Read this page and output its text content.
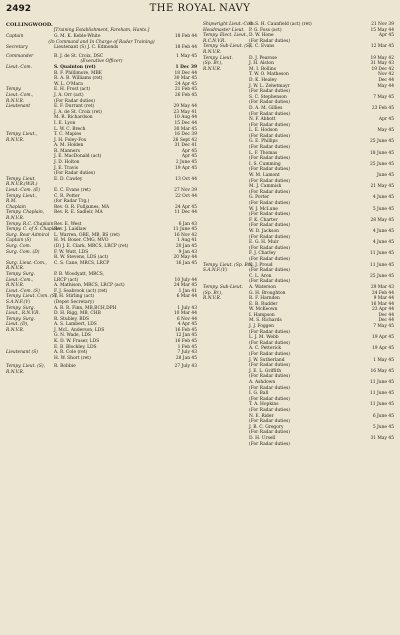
2492	THE ROYAL NAVY
COLLINGWOOD.
[Training Establishment, Fareham, Hants.]
Captain	G. M. K. Keble-White	18 Feb 44
(In Command and In Charge of Radar Training)
Secretary	Lieutenant (S) J. C. Edmonds	18 Feb 44
Commander	B. J. de St. Croix, DSC	1 May 45
(Executive Officer)
Lieut.-Com.	S. Quainton (ret)	1 Dec 39
R. F. Phillimore, MBE	18 Dec 44
R. A. B. Williams (ret)	30 Mar 45
W. L. O'Mara	24 Apr 45
Tempy.	E. H. Frost (act)	21 Feb 45
Lieut.-Com.,	J. A. Orr (act)	26 Feb 45
R.N.V.R.	(For Radar duties)
Lieutenant	E. F. Durrant (ret)	29 May 44
J. A. de St. Croix (ret)	23 May 41
M. R. Richardson	10 Aug 44
I. E. Lyon	15 Dec 44
L. W. C. Brech	30 Mar 45
Tempy. Lieut.,	T. C. Mapies	16 Dec 39
R.N.V.R.	J. H. Foley-Fox	26 Sept 42
A. M. Holden	31 Dec 41
R. Manners	Apr 45
J. E. MacDonald (act)	Apr 45
J. D. Holton	2 June 45
J. E. Travis	19 Apr 45
(For Radar duties)
Tempy. Lieut.	E. D. Cawley	13 Oct 44
R.N.V.R.(W.R.)
Lieut.-Com. (E)	E. C. Evans (ret)	27 Nov 39
Tempy. Lieut.,	C. R. Potter	22 Oct 44
R.M.	(for Radar Trg.)
Chaplain	Rev. O. R. Fulljames, MA	24 Apr 45
Tempy. Chaplain,	Rev. R. E. Sadleir, MA	11 Dec 44
R.N.V.R.
Tempy. R.C. Chaplain Rev. E. West	6 Jan 43
Tempy. C. of S. Chaplain
Rev. J. Laidlaw	11 June 45
Surg. Rear Admiral L. Warren, OBE, MB, BS (ret)	16 Nov 42
Captain (S)	H. M. Boxer, CMG, MVO	1 Aug 41
Surg. Com.	(D) J. E. Clark, MRCS, LRCP (ret)	20 Jan 45
Surg. Com. (D)	F. W. Watt, LDS	9 Jan 43
R. W. Stevens, LDS (act)	20 May 44
Surg. Lieut.-Com.,	C. S. Cane, MRCS, LRCP	16 Jan 45
R.N.V.R.
Tempy. Surg.	P. B. Woodyatt, MRCS,
Lieut.-Com.,	LRCP (act)	10 July 44
R.N.V.R.	A. Mathison, MRCS, LRCP (act)	24 Mar 45
Lieut.-Com. (S)	F. J. Seabrook (act) (ret)	1 Jan 41
Tempy. Lieut. Com. (S),
T. H. Stirling (act)	6 Mar 44
S.A.N.F.(V)	(Depot Secretary)
Tempy. Surg.	A. R. R. Finn, MB,BCH,DPH	1 July 43
Lieut., R.N.V.R.	D. H. Rigg, MB, CHB	10 Mar 44
Tempy. Surg.	R. Stubley, BDS	6 Nov 44
Lieut. (D),	A. S. Lambert, LDS	4 Apr 45
R.N.V.R.	J. McL. Anderson, LDS	16 Feb 45
G. N. Wade, LDS	12 Jan 45
K. D. W. Fraser, LDS	16 Feb 45
E. B. Blockley, LDS	1 Feb 45
Lieutenant (S)	A. R. Cole (ret)	7 July 43
H. W. Short (ret)	28 Jan 45
Tempy. Lieut. (S),	R. Robbie	27 July 43
R.N.V.R.
Shipwright Lieut.-Com.
O. S. H. Caunfield (act) (ret)	21 Nov 39
Headmaster Lieut. P. G. Foss (act)	15 May 44
Tempy. Elect. Lieut., D. W. Hone	Apr 45
R.C.N.V.R.	(For Radar duties)
Tempy. Sub-Lieut. (S),
E. C. Evans	12 Mar 45
R.N.V.R.
Tempy. Lieut.	D. J. Pearose	19 May 42
(Sp. Br.),	J. H. Alston	31 May 43
R.N.V.R.	M. I. Bollins	19 Dec 42
T. W. O. Matheson	Nov 42
D. K. Healey	Dec 44
J. W. L. Zehetmayr	May 44
(For Radar duties)
S. C. Stephenson	7 May 45
(For Radar duties)
D. A. M. Gillies	23 Feb 45
(For Radar duties)
N. F. Abbott	Apr 45
(For Radar duties)
L. E. Hodson	May 45
(For Radar duties)
G. E. Phillips	25 June 45
(For Radar duties)
L. F. Thomas	18 June 45
(For Radar duties)
I. S. Cumming	25 June 45
(For Radar duties)
W. M. Lamont	June 45
(For Radar duties)
M. J. Cammish	21 May 45
(For Radar duties)
G. Porter	4 June 45
(For Radar duties)
W. J. McLune	5 June 45
(For Radar duties)
F. K. Charter	28 May 45
(For Radar duties)
W. D. Jackson	4 June 45
(For Radar duties)
E. G. H. Muir	4 June 45
(For Radar duties)
F. J. Charley	11 June 45
(For Radar duties)
Tempy. Lieut. (Sp. Br.),
K. J. Proud	11 June 45
S.A.N.F.(V)	(For Radar duties)
C. L. Aron	25 June 45
(For Radar duties)
Tempy. Sub-Lieut.	A. Waterson	29 Mar 43
(Sp. Br.),	G. H. Broughton	24 Feb 44
R.N.V.R.	R. F. Harnden	9 Mar 44
E. B. Rudder	16 Mar 44
W. McKeown	23 Apr 44
I. Hampson	Dec 44
M. S. Richards	Dec 44
J. J. Foggen	7 May 45
(For Radar duties)
L. J. M. Webb	19 Apr 45
(For Radar duties)
A. C. Petterick	19 Apr 45
(For Radar duties)
J. W. Sutherland	1 May 45
(For Radar duties)
J. E. L. Griffith	16 May 45
(For Radar duties)
A. Ashdown	11 June 45
(For Radar duties)
I. G. Ball	11 June 45
(For Radar duties)
T. A. Hopkins	11 June 45
(For Radar duties)
N. E. Rider	6 June 45
(For Radar duties)
J. B. C. Gregory	5 June 45
(For Radar duties)
D. H. Ursell	31 May 45
(For Radar duties)
